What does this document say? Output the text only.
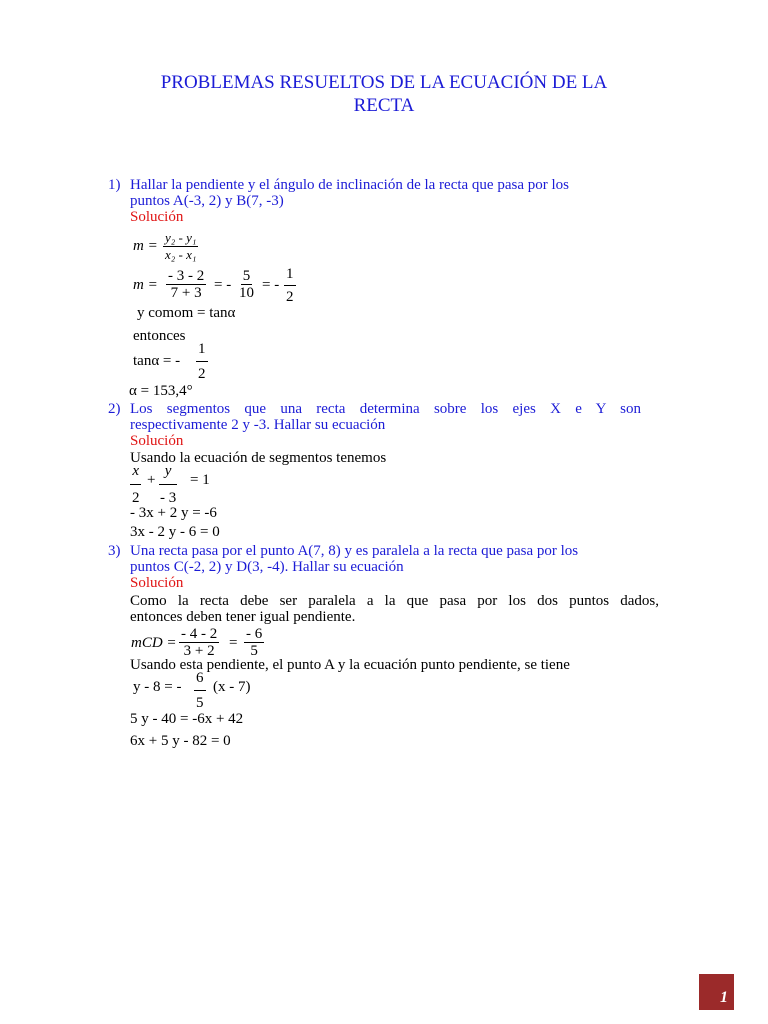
PROBLEMAS RESUELTOS DE LA ECUACIÓN DE LA
RECTA
1) Hallar la pendiente y el ángulo de inclinación de la recta que pasa por los
puntos A(-3, 2) y B(7, -3)
Solución
$m = \frac{\text{y₂ - y₁}}{\text{x₂ - x₁}}$
$m = \frac{- 3 - 2}{7 + 3}$ = - $\frac{5}{10}$ = - $\frac{1}{2}$
y comom = tanα
entonces
tanα = - $\frac{1}{2}$
α = 153,4°
2) Los segmentos que una recta determina sobre los ejes X e Y son
respectivamente 2 y -3. Hallar su ecuación
Solución
Usando la ecuación de segmentos tenemos
$\frac{x}{2} + \frac{y}{- 3} = 1$
- 3x + 2 y = -6
3x - 2 y - 6 = 0
3) Una recta pasa por el punto A(7, 8) y es paralela a la recta que pasa por los
puntos C(-2, 2) y D(3, -4). Hallar su ecuación
Solución
Como la recta debe ser paralela a la que pasa por los dos puntos dados,
entonces deben tener igual pendiente.
mCD = $\frac{- 4 - 2}{3 + 2} = \frac{- 6}{5}$
Usando esta pendiente, el punto A y la ecuación punto pendiente, se tiene
y - 8 = - $\frac{6}{5} (x - 7)$
5 y - 40 = -6x + 42
6x + 5 y - 82 = 0
1
